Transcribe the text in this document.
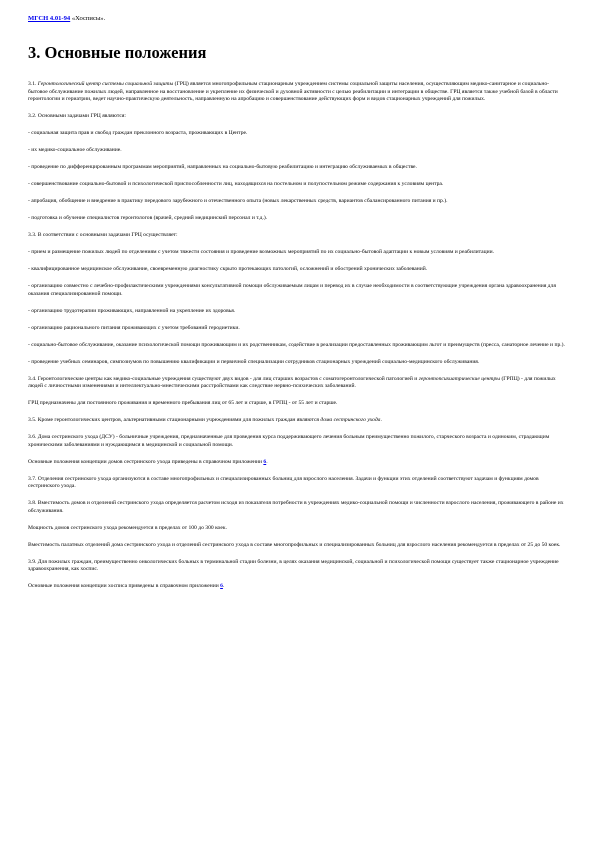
МГСН 4.01-94 «Хосписы».
3. Основные положения

3.1. Геронтологический центр системы социальной защиты (ГРЦ) является многопрофильным стационарным учреждением системы социальной защиты населения, осуществляющим медико-санитарное и социально-бытовое обслуживание пожилых людей, направленное на восстановление и укрепление их физической и духовной активности с целью реабилитации и интеграции в обществе. ГРЦ является также учебной базой в области геронтологии и гериатрии, ведет научно-практическую деятельность, направленную на апробацию и совершенствование действующих форм и видов стационарных учреждений для пожилых.

3.2. Основными задачами ГРЦ являются:

- социальная защита прав и свобод граждан преклонного возраста, проживающих в Центре.

- их медико-социальное обслуживание.

- проведение по дифференцированным программам мероприятий, направленных на социально-бытовую реабилитацию и интеграцию обслуживаемых в обществе.

- совершенствование социально-бытовой и психологической приспособленности лиц, находящихся на постельном и полупостельном режиме содержания к условиям центра.

- апробация, обобщение и внедрение в практику передового зарубежного и отечественного опыта (новых лекарственных средств, вариантов сбалансированного питания и пр.).

- подготовка и обучение специалистов геронтологов (врачей, средний медицинский персонал и т.д.).

3.3. В соответствии с основными задачами ГРЦ осуществляет:

- прием и размещение пожилых людей по отделениям с учетом тяжести состояния и проведение возможных мероприятий по их социально-бытовой адаптации к новым условиям и реабилитации.

- квалифицированное медицинское обслуживание, своевременную диагностику скрыто протекающих патологий, осложнений и обострений хронических заболеваний.

- организацию совместно с лечебно-профилактическими учреждениями консультативной помощи обслуживаемым лицам и перевод их в случае необходимости в соответствующие учреждения органа здравоохранения для оказания специализированной помощи.

- организацию трудотерапии проживающих, направленной на укрепление их здоровья.

- организацию рационального питания проживающих с учетом требований геродиетики.

- социально-бытовое обслуживание, оказание психологической помощи проживающим и их родственникам, содействие в реализации предоставленных проживающим льгот и преимуществ (пресса, санаторное лечение и пр.).

- проведение учебных семинаров, симпозиумов по повышению квалификации и первичной специализации сотрудников стационарных учреждений социально-медицинского обслуживания.

3.4. Геронтологические центры как медико-социальные учреждения существуют двух видов - для лиц старших возрастов с соматогеронтологической патологией и геронтопсихиатрические центры (ГРПЦ) - для пожилых людей с личностными изменениями и интеллектуально-мнестическими расстройствами как следствие нервно-психических заболеваний.

ГРЦ предназначены для постоянного проживания и временного пребывания лиц от 65 лет и старше, в ГРПЦ - от 55 лет и старше.

3.5. Кроме геронтологических центров, альтернативными стационарными учреждениями для пожилых граждан являются дома сестринского ухода.

3.6. Дома сестринского ухода (ДСУ) - больничные учреждения, предназначенные для проведения курса поддерживающего лечения больным преимущественно пожилого, старческого возраста и одиноким, страдающим хроническими заболеваниями и нуждающимся в медицинской и социальной помощи.

Основные положения концепции домов сестринского ухода приведены в справочном приложении 6.

3.7. Отделения сестринского ухода организуются в составе многопрофильных и специализированных больниц для взрослого населения. Задачи и функции этих отделений соответствуют задачам и функциям домов сестринского ухода.

3.8. Вместимость домов и отделений сестринского ухода определяется расчетом исходя из показателя потребности в учреждениях медико-социальной помощи и численности взрослого населения, проживающего в районе их обслуживания.

Мощность домов сестринского ухода рекомендуется в пределах от 100 до 300 коек.

Вместимость палатных отделений дома сестринского ухода и отделений сестринского ухода в составе многопрофильных и специализированных больниц для взрослого населения рекомендуется в пределах от 25 до 50 коек.

3.9. Для пожилых граждан, преимущественно онкологических больных в терминальной стадии болезни, в целях оказания медицинской, социальной и психологической помощи существует также стационарное учреждение здравоохранения, как хоспис.

Основные положения концепции хосписа приведены в справочном приложении 6.
